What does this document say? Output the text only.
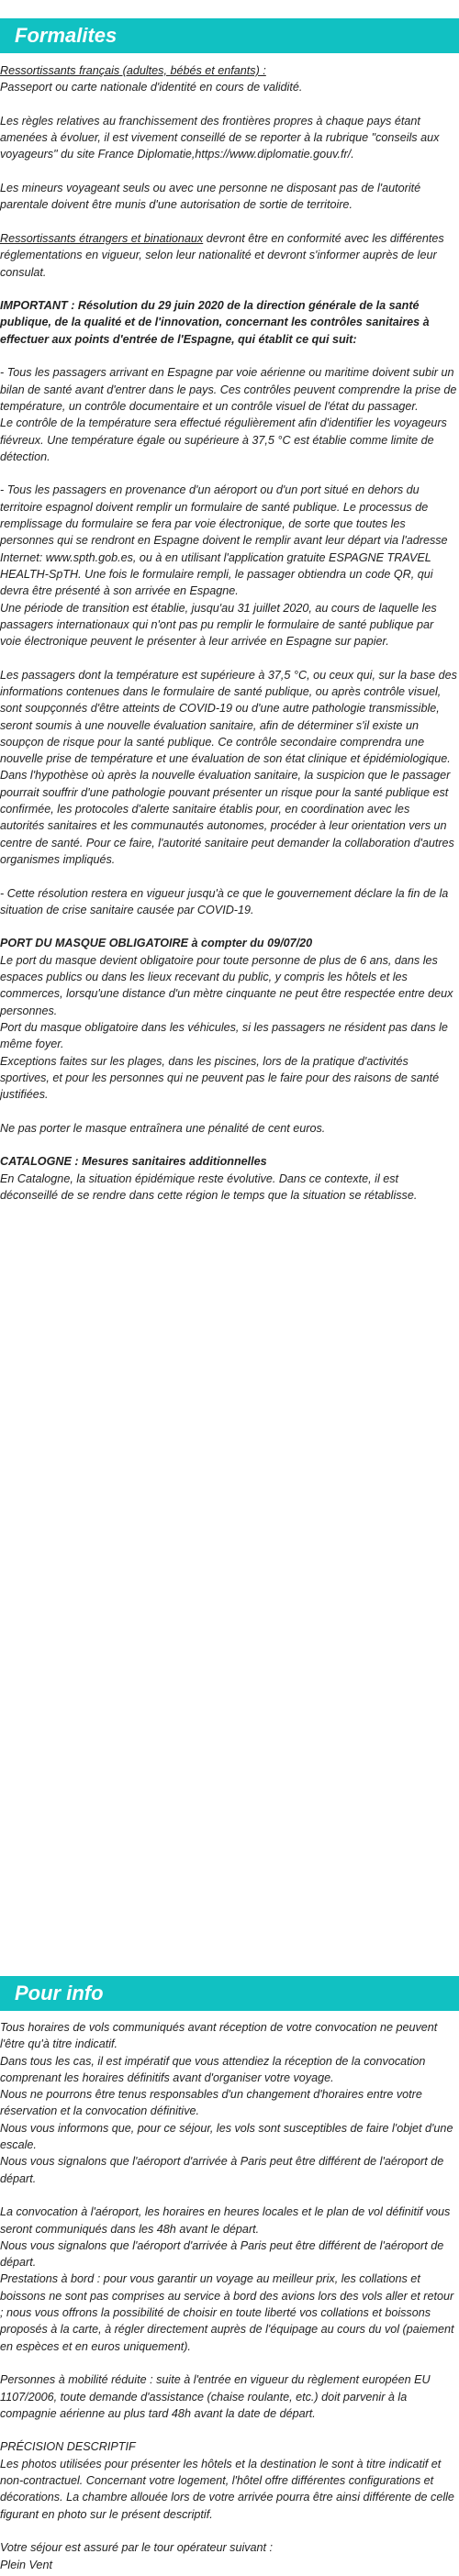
Formalites

Ressortissants français (adultes, bébés et enfants) :
Passeport ou carte nationale d'identité en cours de validité.

Les règles relatives au franchissement des frontières propres à chaque pays étant amenées à évoluer, il est vivement conseillé de se reporter à la rubrique "conseils aux voyageurs" du site France Diplomatie,https://www.diplomatie.gouv.fr/.

Les mineurs voyageant seuls ou avec une personne ne disposant pas de l'autorité parentale doivent être munis d'une autorisation de sortie de territoire.

Ressortissants étrangers et binationaux devront être en conformité avec les différentes réglementations en vigueur, selon leur nationalité et devront s'informer auprès de leur consulat.

IMPORTANT : Résolution du 29 juin 2020 de la direction générale de la santé publique, de la qualité et de l'innovation, concernant les contrôles sanitaires à effectuer aux points d'entrée de l'Espagne, qui établit ce qui suit:

- Tous les passagers arrivant en Espagne par voie aérienne ou maritime doivent subir un bilan de santé avant d'entrer dans le pays. Ces contrôles peuvent comprendre la prise de température, un contrôle documentaire et un contrôle visuel de l'état du passager.
Le contrôle de la température sera effectué régulièrement afin d'identifier les voyageurs fiévreux. Une température égale ou supérieure à 37,5 °C est établie comme limite de détection.

- Tous les passagers en provenance d'un aéroport ou d'un port situé en dehors du territoire espagnol doivent remplir un formulaire de santé publique. Le processus de remplissage du formulaire se fera par voie électronique, de sorte que toutes les personnes qui se rendront en Espagne doivent le remplir avant leur départ via l'adresse Internet: www.spth.gob.es, ou à en utilisant l'application gratuite ESPAGNE TRAVEL HEALTH-SpTH. Une fois le formulaire rempli, le passager obtiendra un code QR, qui devra être présenté à son arrivée en Espagne.
Une période de transition est établie, jusqu'au 31 juillet 2020, au cours de laquelle les passagers internationaux qui n'ont pas pu remplir le formulaire de santé publique par voie électronique peuvent le présenter à leur arrivée en Espagne sur papier.

Les passagers dont la température est supérieure à 37,5 °C, ou ceux qui, sur la base des informations contenues dans le formulaire de santé publique, ou après contrôle visuel, sont soupçonnés d'être atteints de COVID-19 ou d'une autre pathologie transmissible, seront soumis à une nouvelle évaluation sanitaire, afin de déterminer s'il existe un soupçon de risque pour la santé publique. Ce contrôle secondaire comprendra une nouvelle prise de température et une évaluation de son état clinique et épidémiologique. Dans l'hypothèse où après la nouvelle évaluation sanitaire, la suspicion que le passager pourrait souffrir d'une pathologie pouvant présenter un risque pour la santé publique est confirmée, les protocoles d'alerte sanitaire établis pour, en coordination avec les autorités sanitaires et les communautés autonomes, procéder à leur orientation vers un centre de santé. Pour ce faire, l'autorité sanitaire peut demander la collaboration d'autres organismes impliqués.

- Cette résolution restera en vigueur jusqu'à ce que le gouvernement déclare la fin de la situation de crise sanitaire causée par COVID-19.

PORT DU MASQUE OBLIGATOIRE à compter du 09/07/20
Le port du masque devient obligatoire pour toute personne de plus de 6 ans, dans les espaces publics ou dans les lieux recevant du public, y compris les hôtels et les commerces, lorsqu'une distance d'un mètre cinquante ne peut être respectée entre deux personnes.
Port du masque obligatoire dans les véhicules, si les passagers ne résident pas dans le même foyer.
Exceptions faites sur les plages, dans les piscines, lors de la pratique d'activités sportives, et pour les personnes qui ne peuvent pas le faire pour des raisons de santé justifiées.

Ne pas porter le masque entraînera une pénalité de cent euros.

CATALOGNE : Mesures sanitaires additionnelles
En Catalogne, la situation épidémique reste évolutive. Dans ce contexte, il est déconseillé de se rendre dans cette région le temps que la situation se rétablisse.

Pour info

Tous horaires de vols communiqués avant réception de votre convocation ne peuvent l'être qu'à titre indicatif.
Dans tous les cas, il est impératif que vous attendiez la réception de la convocation comprenant les horaires définitifs avant d'organiser votre voyage.
Nous ne pourrons être tenus responsables d'un changement d'horaires entre votre réservation et la convocation définitive.
Nous vous informons que, pour ce séjour, les vols sont susceptibles de faire l'objet d'une escale.
Nous vous signalons que l'aéroport d'arrivée à Paris peut être différent de l'aéroport de départ.

La convocation à l'aéroport, les horaires en heures locales et le plan de vol définitif vous seront communiqués dans les 48h avant le départ.
Nous vous signalons que l'aéroport d'arrivée à Paris peut être différent de l'aéroport de départ.
Prestations à bord : pour vous garantir un voyage au meilleur prix, les collations et boissons ne sont pas comprises au service à bord des avions lors des vols aller et retour ; nous vous offrons la possibilité de choisir en toute liberté vos collations et boissons proposés à la carte, à régler directement auprès de l'équipage au cours du vol (paiement en espèces et en euros uniquement).

Personnes à mobilité réduite : suite à l'entrée en vigueur du règlement européen EU 1107/2006, toute demande d'assistance (chaise roulante, etc.) doit parvenir à la compagnie aérienne au plus tard 48h avant la date de départ.

PRÉCISION DESCRIPTIF
Les photos utilisées pour présenter les hôtels et la destination le sont à titre indicatif et non-contractuel. Concernant votre logement, l'hôtel offre différentes configurations et décorations. La chambre allouée lors de votre arrivée pourra être ainsi différente de celle figurant en photo sur le présent descriptif.

Votre séjour est assuré par le tour opérateur suivant :
Plein Vent
